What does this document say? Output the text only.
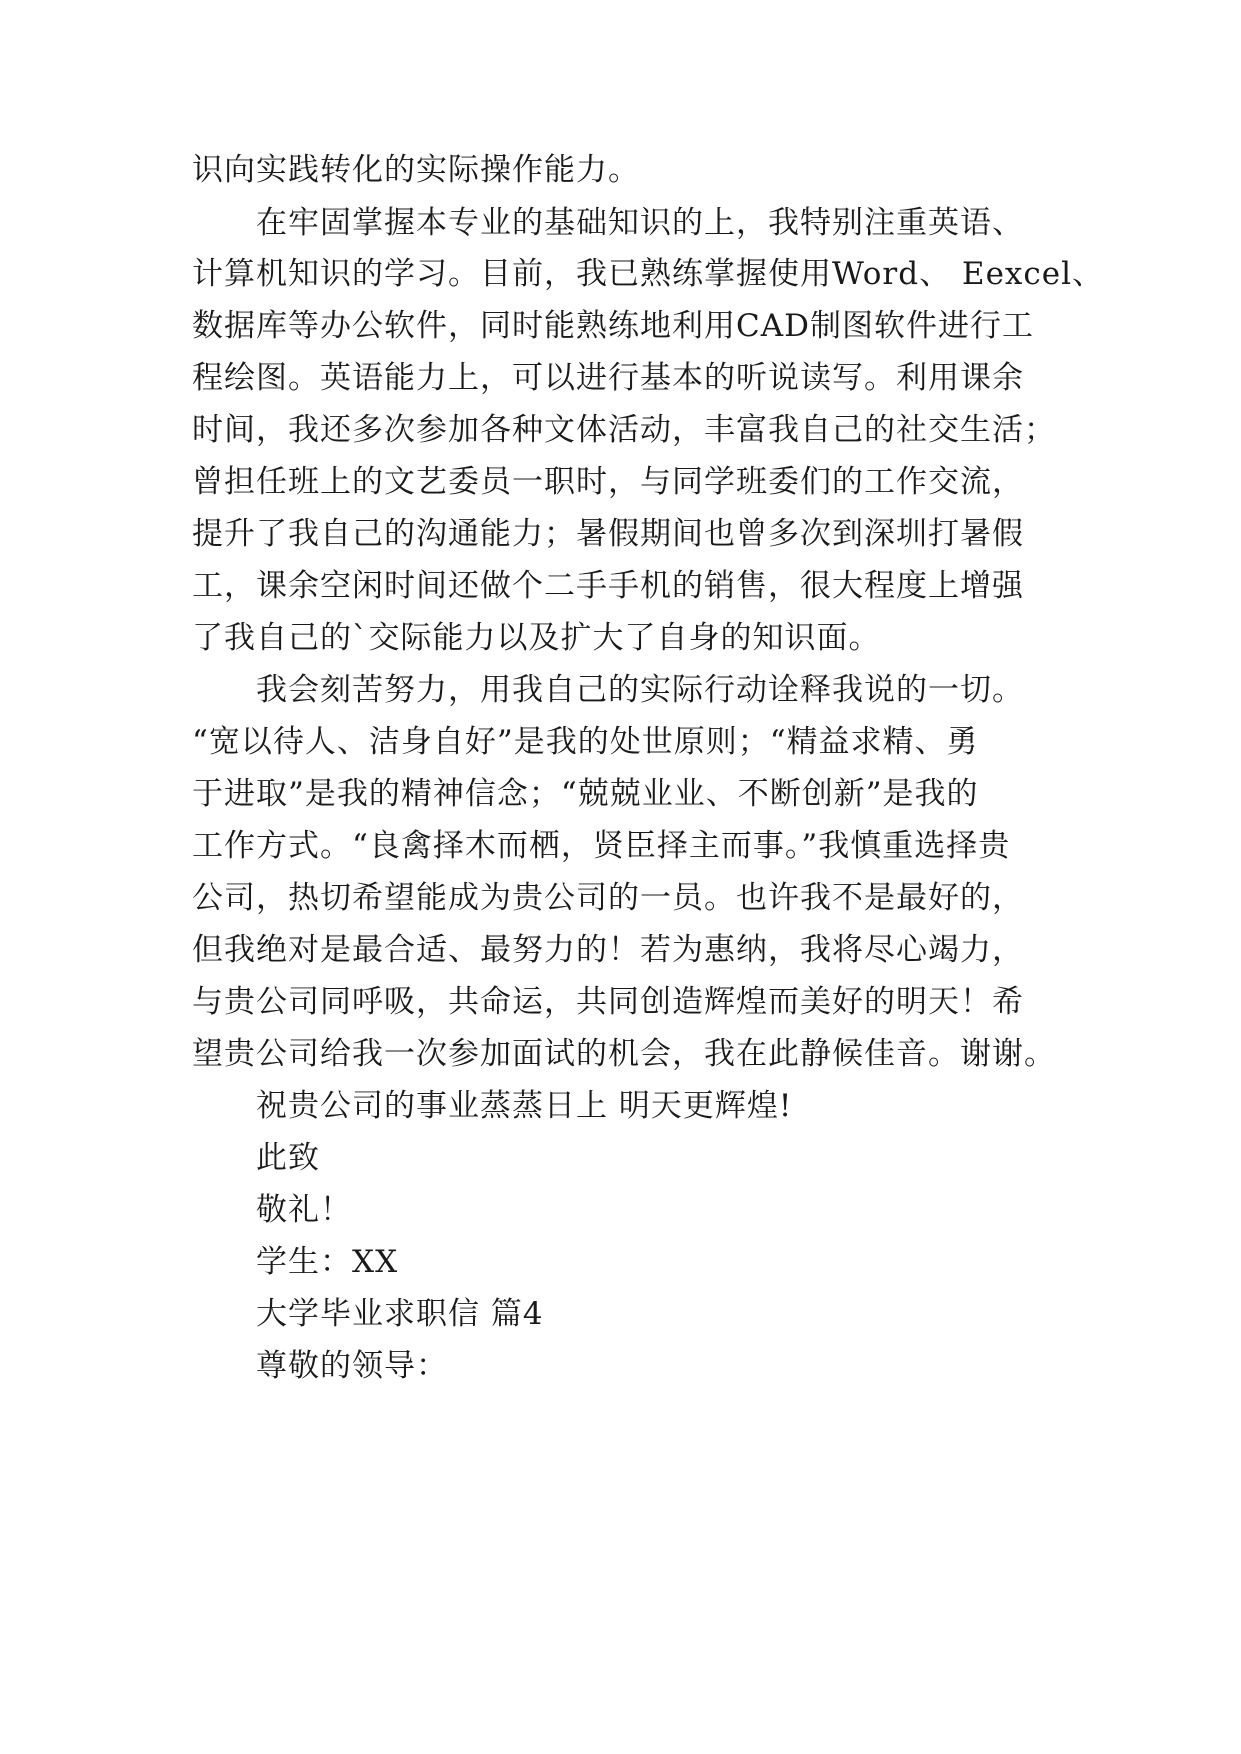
识向实践转化的实际操作能力。
在牢固掌握本专业的基础知识的上，我特别注重英语、
计算机知识的学习。目前，我已熟练掌握使用Word、 Eexcel、
数据库等办公软件，同时能熟练地利用CAD制图软件进行工
程绘图。英语能力上，可以进行基本的听说读写。利用课余
时间，我还多次参加各种文体活动，丰富我自己的社交生活；
曾担任班上的文艺委员一职时，与同学班委们的工作交流，
提升了我自己的沟通能力；暑假期间也曾多次到深圳打暑假
工，课余空闲时间还做个二手手机的销售，很大程度上增强
了我自己的`交际能力以及扩大了自身的知识面。
我会刻苦努力，用我自己的实际行动诠释我说的一切。
“宽以待人、洁身自好”是我的处世原则；“精益求精、勇
于进取”是我的精神信念；“兢兢业业、不断创新”是我的
工作方式。“良禽择木而栖，贤臣择主而事。”我慎重选择贵
公司，热切希望能成为贵公司的一员。也许我不是最好的，
但我绝对是最合适、最努力的！若为惠纳，我将尽心竭力，
与贵公司同呼吸，共命运，共同创造辉煌而美好的明天！希
望贵公司给我一次参加面试的机会，我在此静候佳音。谢谢。
祝贵公司的事业蒸蒸日上 明天更辉煌!
此致
敬礼！
学生：XX
大学毕业求职信 篇4
尊敬的领导：
